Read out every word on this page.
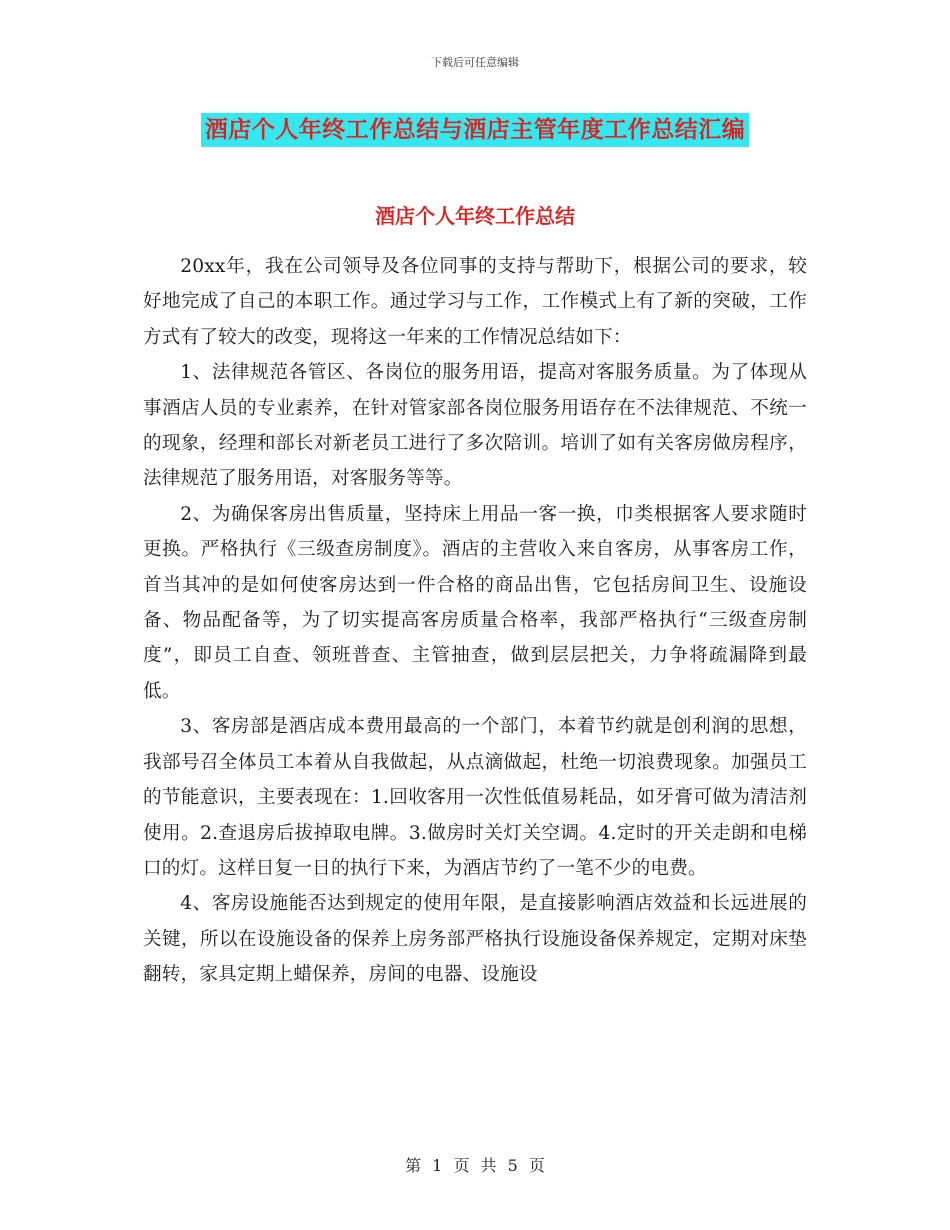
下载后可任意编辑
酒店个人年终工作总结与酒店主管年度工作总结汇编
酒店个人年终工作总结

20xx年，我在公司领导及各位同事的支持与帮助下，根据公司的要求，较好地完成了自己的本职工作。通过学习与工作，工作模式上有了新的突破，工作方式有了较大的改变，现将这一年来的工作情况总结如下：

1、法律规范各管区、各岗位的服务用语，提高对客服务质量。为了体现从事酒店人员的专业素养，在针对管家部各岗位服务用语存在不法律规范、不统一的现象，经理和部长对新老员工进行了多次陪训。培训了如有关客房做房程序，法律规范了服务用语，对客服务等等。

2、为确保客房出售质量，坚持床上用品一客一换，巾类根据客人要求随时更换。严格执行《三级查房制度》。酒店的主营收入来自客房，从事客房工作，首当其冲的是如何使客房达到一件合格的商品出售，它包括房间卫生、设施设备、物品配备等，为了切实提高客房质量合格率，我部严格执行“三级查房制度”，即员工自查、领班普查、主管抽查，做到层层把关，力争将疏漏降到最低。

3、客房部是酒店成本费用最高的一个部门，本着节约就是创利润的思想，我部号召全体员工本着从自我做起，从点滴做起，杜绝一切浪费现象。加强员工的节能意识，主要表现在：1.回收客用一次性低值易耗品，如牙膏可做为清洁剂使用。2.查退房后拔掉取电牌。3.做房时关灯关空调。4.定时的开关走朗和电梯口的灯。这样日复一日的执行下来，为酒店节约了一笔不少的电费。

4、客房设施能否达到规定的使用年限，是直接影响酒店效益和长远进展的关键，所以在设施设备的保养上房务部严格执行设施设备保养规定，定期对床垫翻转，家具定期上蜡保养，房间的电器、设施设

第 1 页 共 5 页
